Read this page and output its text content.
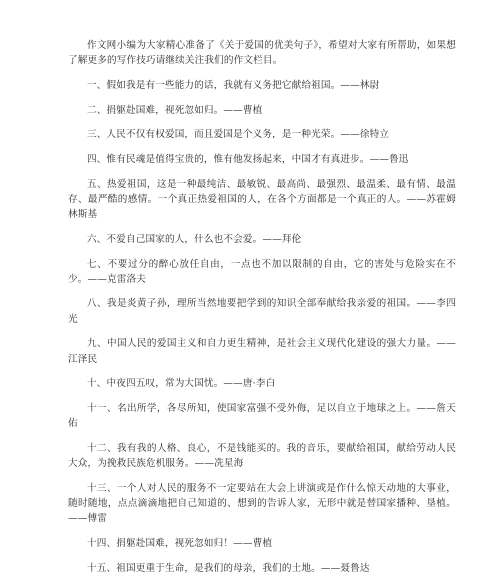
作文网小编为大家精心准备了《关于爱国的优美句子》，希望对大家有所帮助，如果想了解更多的写作技巧请继续关注我们的作文栏目。

一、假如我是有一些能力的话，我就有义务把它献给祖国。——林尉

二、捐躯赴国难，视死忽如归。——曹植

三、人民不仅有权爱国，而且爱国是个义务，是一种光荣。——徐特立

四、惟有民魂是值得宝贵的，惟有他发扬起来，中国才有真进步。——鲁迅

五、热爱祖国，这是一种最纯洁、最敏锐、最高尚、最强烈、最温柔、最有情、最温存、最严酷的感情。一个真正热爱祖国的人，在各个方面都是一个真正的人。——苏霍姆林斯基

六、不爱自己国家的人，什么也不会爱。——拜伦

七、不要过分的醉心放任自由，一点也不加以限制的自由，它的害处与危险实在不少。——克雷洛夫

八、我是炎黄子孙，理所当然地要把学到的知识全部奉献给我亲爱的祖国。——李四光

九、中国人民的爱国主义和自力更生精神，是社会主义现代化建设的强大力量。——江泽民

十、中夜四五叹，常为大国忧。——唐·李白

十一、名出所学，各尽所知，使国家富强不受外侮，足以自立于地球之上。——詹天佑

十二、我有我的人格、良心，不是钱能买的。我的音乐，要献给祖国，献给劳动人民大众，为挽救民族危机服务。——冼星海

十三、一个人对人民的服务不一定要站在大会上讲演或是作什么惊天动地的大事业，随时随地，点点滴滴地把自己知道的、想到的告诉人家，无形中就是替国家播种、垦植。——傅雷

十四、捐躯赴国难，视死忽如归！——曹植

十五、祖国更重于生命，是我们的母亲，我们的土地。——聂鲁达
